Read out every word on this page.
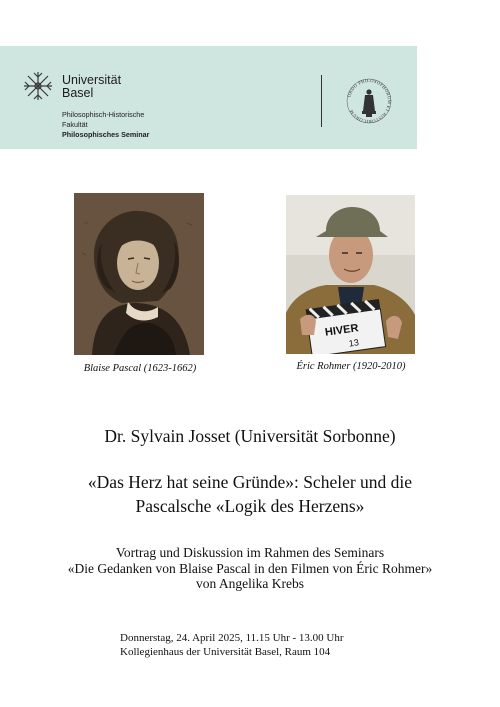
Universität
Basel
Philosophisch-Historische
Fakultät
Philosophisches Seminar
ORDO PHILOSOPHORUM ET HISTORICORUM
HIVER
13
Blaise Pascal (1623-1662)	Éric Rohmer (1920-2010)
Dr. Sylvain Josset (Universität Sorbonne)
«Das Herz hat seine Gründe»: Scheler und die
Pascalsche «Logik des Herzens»
Vortrag und Diskussion im Rahmen des Seminars
«Die Gedanken von Blaise Pascal in den Filmen von Éric Rohmer»
von Angelika Krebs
Donnerstag, 24. April 2025, 11.15 Uhr - 13.00 Uhr
Kollegienhaus der Universität Basel, Raum 104
